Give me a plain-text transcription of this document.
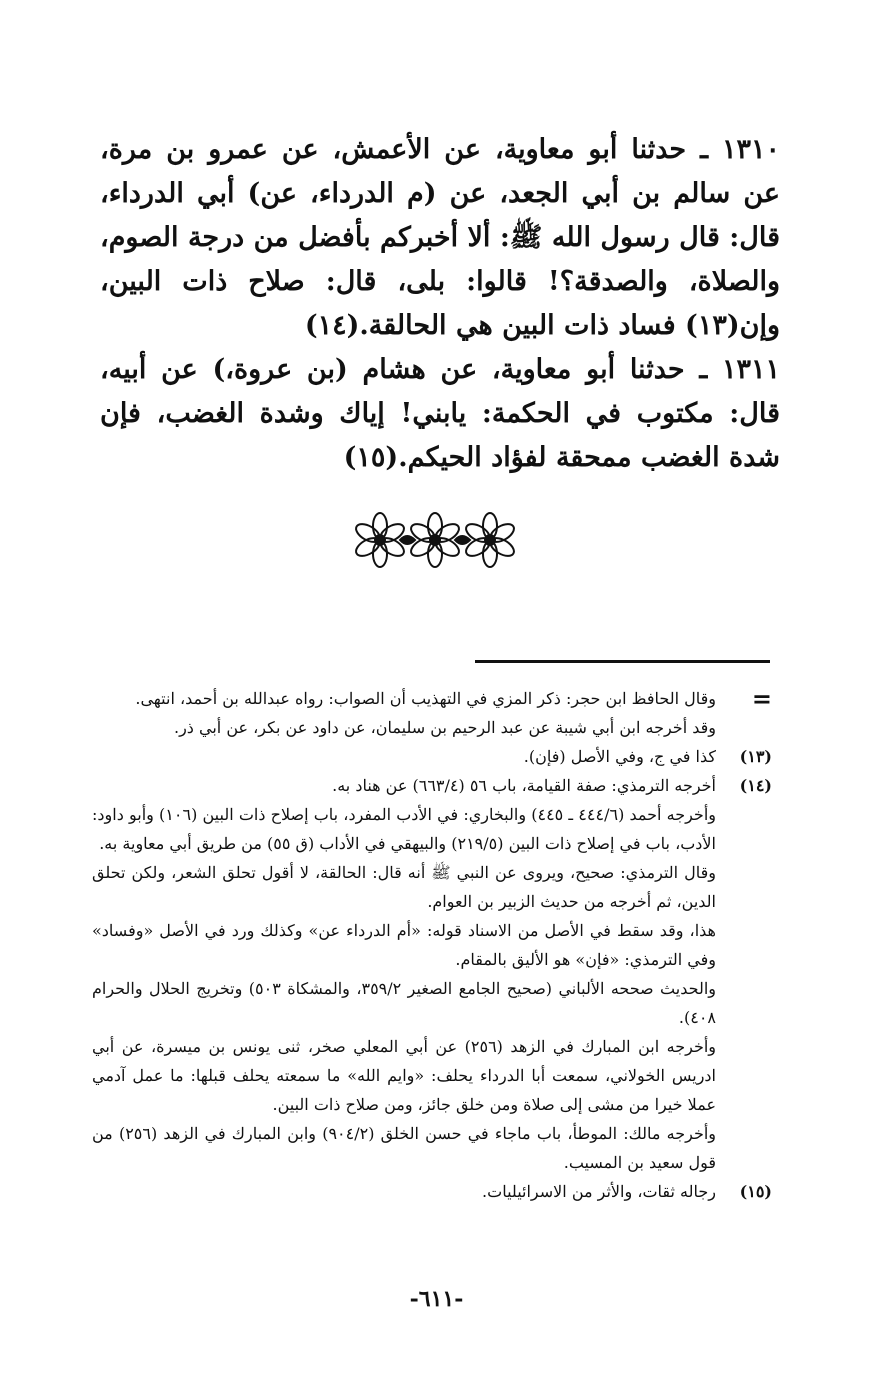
١٣١٠ ـ حدثنا أبو معاوية، عن الأعمش، عن عمرو بن مرة، عن سالم بن أبي الجعد، عن (م الدرداء، عن) أبي الدرداء، قال: قال رسول الله ﷺ: ألا أخبركم بأفضل من درجة الصوم، والصلاة، والصدقة؟! قالوا: بلى، قال: صلاح ذات البين، وإن(١٣) فساد ذات البين هي الحالقة.(١٤)

١٣١١ ـ حدثنا أبو معاوية، عن هشام (بن عروة،) عن أبيه، قال: مكتوب في الحكمة: يابني! إياك وشدة الغضب، فإن شدة الغضب ممحقة لفؤاد الحيكم.(١٥)

=
وقال الحافظ ابن حجر: ذكر المزي في التهذيب أن الصواب: رواه عبدالله بن أحمد، انتهى.
وقد أخرجه ابن أبي شيبة عن عبد الرحيم بن سليمان، عن داود عن بكر، عن أبي ذر.
(١٣)
كذا في ج، وفي الأصل (فإن).
(١٤)
أخرجه الترمذي: صفة القيامة، باب ٥٦ (٦٦٣/٤) عن هناد به.
وأخرجه أحمد (٤٤٤/٦ ـ ٤٤٥) والبخاري: في الأدب المفرد، باب إصلاح ذات البين (١٠٦) وأبو داود: الأدب، باب في إصلاح ذات البين (٢١٩/٥) والبيهقي في الأداب (ق ٥٥) من طريق أبي معاوية به.
وقال الترمذي: صحيح، ويروى عن النبي ﷺ أنه قال: الحالقة، لا أقول تحلق الشعر، ولكن تحلق الدين، ثم أخرجه من حديث الزبير بن العوام.
هذا، وقد سقط في الأصل من الاسناد قوله: «أم الدرداء عن» وكذلك ورد في الأصل «وفساد» وفي الترمذي: «فإن» هو الأليق بالمقام.
والحديث صححه الألباني (صحيح الجامع الصغير ٣٥٩/٢، والمشكاة ٥٠٣) وتخريج الحلال والحرام ٤٠٨).
وأخرجه ابن المبارك في الزهد (٢٥٦) عن أبي المعلي صخر، ثنى يونس بن ميسرة، عن أبي ادريس الخولاني، سمعت أبا الدرداء يحلف: «وايم الله» ما سمعته يحلف قبلها: ما عمل آدمي عملا خيرا من مشى إلى صلاة ومن خلق جائز، ومن صلاح ذات البين.
وأخرجه مالك: الموطأ، باب ماجاء في حسن الخلق (٩٠٤/٢) وابن المبارك في الزهد (٢٥٦) من قول سعيد بن المسيب.
(١٥)
رجاله ثقات، والأثر من الاسرائيليات.
-٦١١-
